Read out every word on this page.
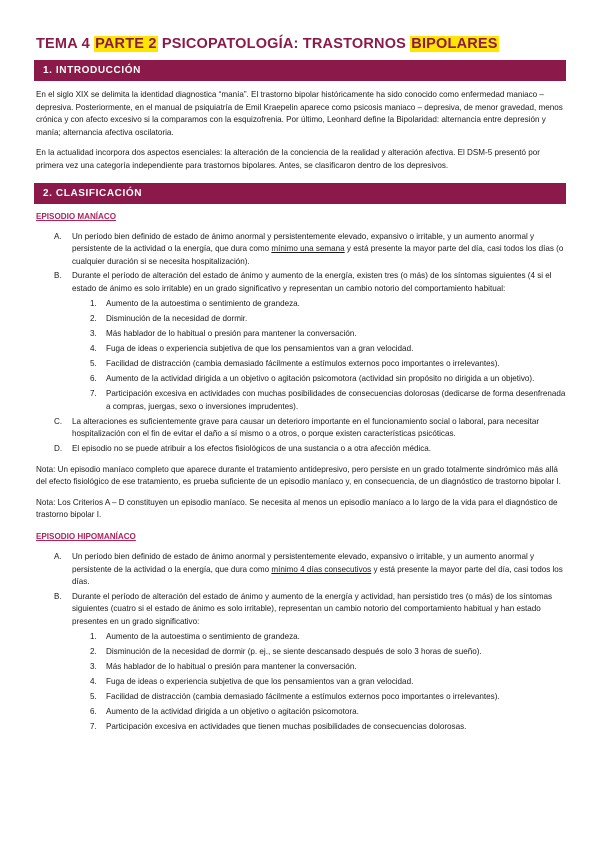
TEMA 4 PARTE 2 PSICOPATOLOGÍA: TRASTORNOS BIPOLARES
1. INTRODUCCIÓN

En el siglo XIX se delimita la identidad diagnostica “manía”. El trastorno bipolar históricamente ha sido conocido como enfermedad maniaco – depresiva. Posteriormente, en el manual de psiquiatría de Emil Kraepelin aparece como psicosis maniaco – depresiva, de menor gravedad, menos crónica y con afecto excesivo si la comparamos con la esquizofrenia. Por último, Leonhard define la Bipolaridad: alternancia entre depresión y manía; alternancia afectiva oscilatoria.

En la actualidad incorpora dos aspectos esenciales: la alteración de la conciencia de la realidad y alteración afectiva. El DSM-5 presentó por primera vez una categoría independiente para trastornos bipolares. Antes, se clasificaron dentro de los depresivos.

2. CLASIFICACIÓN
EPISODIO MANÍACO
A. Un período bien definido de estado de ánimo anormal y persistentemente elevado, expansivo o irritable, y un aumento anormal y persistente de la actividad o la energía, que dura como mínimo una semana y está presente la mayor parte del día, casi todos los días (o cualquier duración si se necesita hospitalización).
B. Durante el período de alteración del estado de ánimo y aumento de la energía, existen tres (o más) de los síntomas siguientes (4 si el estado de ánimo es solo irritable) en un grado significativo y representan un cambio notorio del comportamiento habitual:
1. Aumento de la autoestima o sentimiento de grandeza.
2. Disminución de la necesidad de dormir.
3. Más hablador de lo habitual o presión para mantener la conversación.
4. Fuga de ideas o experiencia subjetiva de que los pensamientos van a gran velocidad.
5. Facilidad de distracción (cambia demasiado fácilmente a estímulos externos poco importantes o irrelevantes).
6. Aumento de la actividad dirigida a un objetivo o agitación psicomotora (actividad sin propósito no dirigida a un objetivo).
7. Participación excesiva en actividades con muchas posibilidades de consecuencias dolorosas (dedicarse de forma desenfrenada a compras, juergas, sexo o inversiones imprudentes).
C. La alteraciones es suficientemente grave para causar un deterioro importante en el funcionamiento social o laboral, para necesitar hospitalización con el fin de evitar el daño a sí mismo o a otros, o porque existen características psicóticas.
D. El episodio no se puede atribuir a los efectos fisiológicos de una sustancia o a otra afección médica.

Nota: Un episodio maníaco completo que aparece durante el tratamiento antidepresivo, pero persiste en un grado totalmente sindrómico más allá del efecto fisiológico de ese tratamiento, es prueba suficiente de un episodio maníaco y, en consecuencia, de un diagnóstico de trastorno bipolar I.

Nota: Los Criterios A – D constituyen un episodio maníaco. Se necesita al menos un episodio maníaco a lo largo de la vida para el diagnóstico de trastorno bipolar I.

EPISODIO HIPOMANÍACO
A. Un período bien definido de estado de ánimo anormal y persistentemente elevado, expansivo o irritable, y un aumento anormal y persistente de la actividad o la energía, que dura como mínimo 4 días consecutivos y está presente la mayor parte del día, casi todos los días.
B. Durante el período de alteración del estado de ánimo y aumento de la energía y actividad, han persistido tres (o más) de los síntomas siguientes (cuatro si el estado de ánimo es solo irritable), representan un cambio notorio del comportamiento habitual y han estado presentes en un grado significativo:
1. Aumento de la autoestima o sentimiento de grandeza.
2. Disminución de la necesidad de dormir (p. ej., se siente descansado después de solo 3 horas de sueño).
3. Más hablador de lo habitual o presión para mantener la conversación.
4. Fuga de ideas o experiencia subjetiva de que los pensamientos van a gran velocidad.
5. Facilidad de distracción (cambia demasiado fácilmente a estímulos externos poco importantes o irrelevantes).
6. Aumento de la actividad dirigida a un objetivo o agitación psicomotora.
7. Participación excesiva en actividades que tienen muchas posibilidades de consecuencias dolorosas.
